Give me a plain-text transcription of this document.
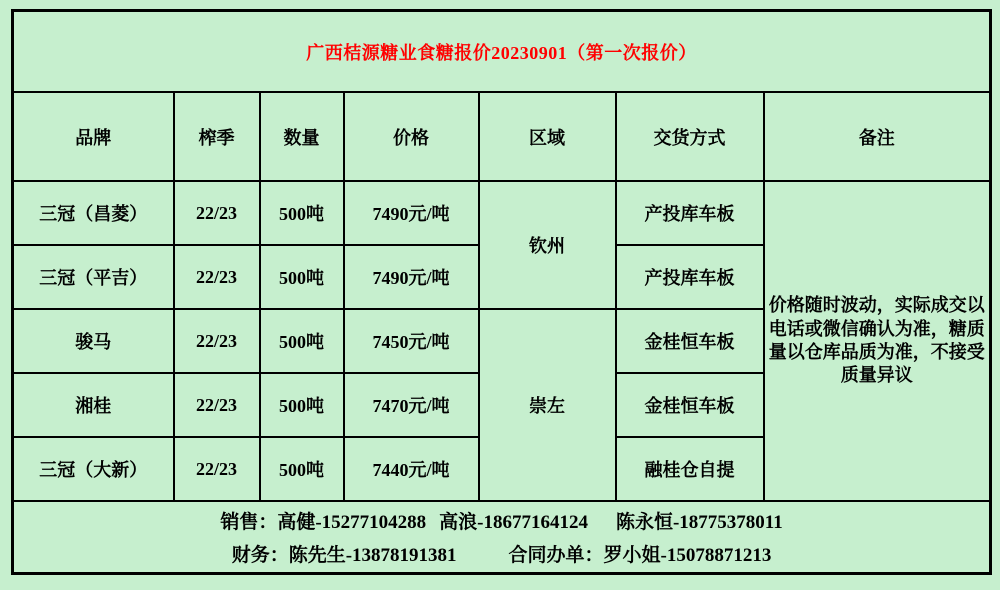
广西桔源糖业食糖报价20230901（第一次报价）						
品牌	榨季	数量	价格	区域	交货方式	备注
三冠（昌菱）	22/23	500吨	7490元/吨	钦州	产投库车板	价格随时波动，实际成交以电话或微信确认为准，糖质量以仓库品质为准，不接受质量异议
三冠（平吉）	22/23	500吨	7490元/吨		产投库车板	
骏马	22/23	500吨	7450元/吨	崇左	金桂恒车板	
湘桂	22/23	500吨	7470元/吨		金桂恒车板	
三冠（大新）	22/23	500吨	7440元/吨		融桂仓自提	

销售：高健-15277104288 高浪-18677164124 陈永恒-18775378011
财务：陈先生-13878191381 合同办单：罗小姐-15078871213						
